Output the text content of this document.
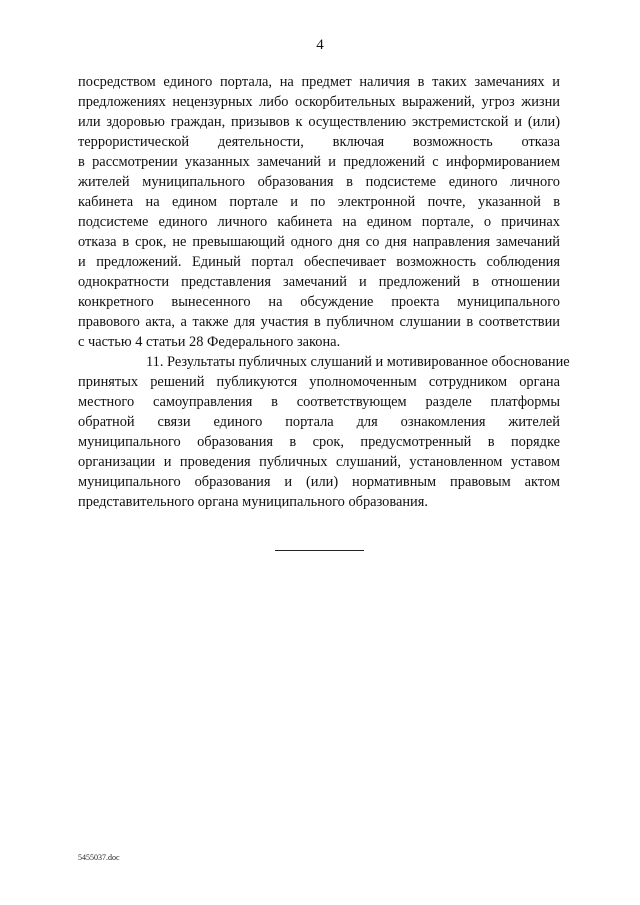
4

посредством единого портала, на предмет наличия в таких замечаниях и
предложениях нецензурных либо оскорбительных выражений, угроз жизни
или здоровью граждан, призывов к осуществлению экстремистской и (или)
террористической деятельности, включая возможность отказа
в рассмотрении указанных замечаний и предложений с информированием
жителей муниципального образования в подсистеме единого личного
кабинета на едином портале и по электронной почте, указанной в
подсистеме единого личного кабинета на едином портале, о причинах
отказа в срок, не превышающий одного дня со дня направления замечаний
и предложений. Единый портал обеспечивает возможность соблюдения
однократности представления замечаний и предложений в отношении
конкретного вынесенного на обсуждение проекта муниципального
правового акта, а также для участия в публичном слушании в соответствии
с частью 4 статьи 28 Федерального закона.

11. Результаты публичных слушаний и мотивированное обоснование
принятых решений публикуются уполномоченным сотрудником органа
местного самоуправления в соответствующем разделе платформы
обратной связи единого портала для ознакомления жителей
муниципального образования в срок, предусмотренный в порядке
организации и проведения публичных слушаний, установленном уставом
муниципального образования и (или) нормативным правовым актом
представительного органа муниципального образования.

5455037.doc
